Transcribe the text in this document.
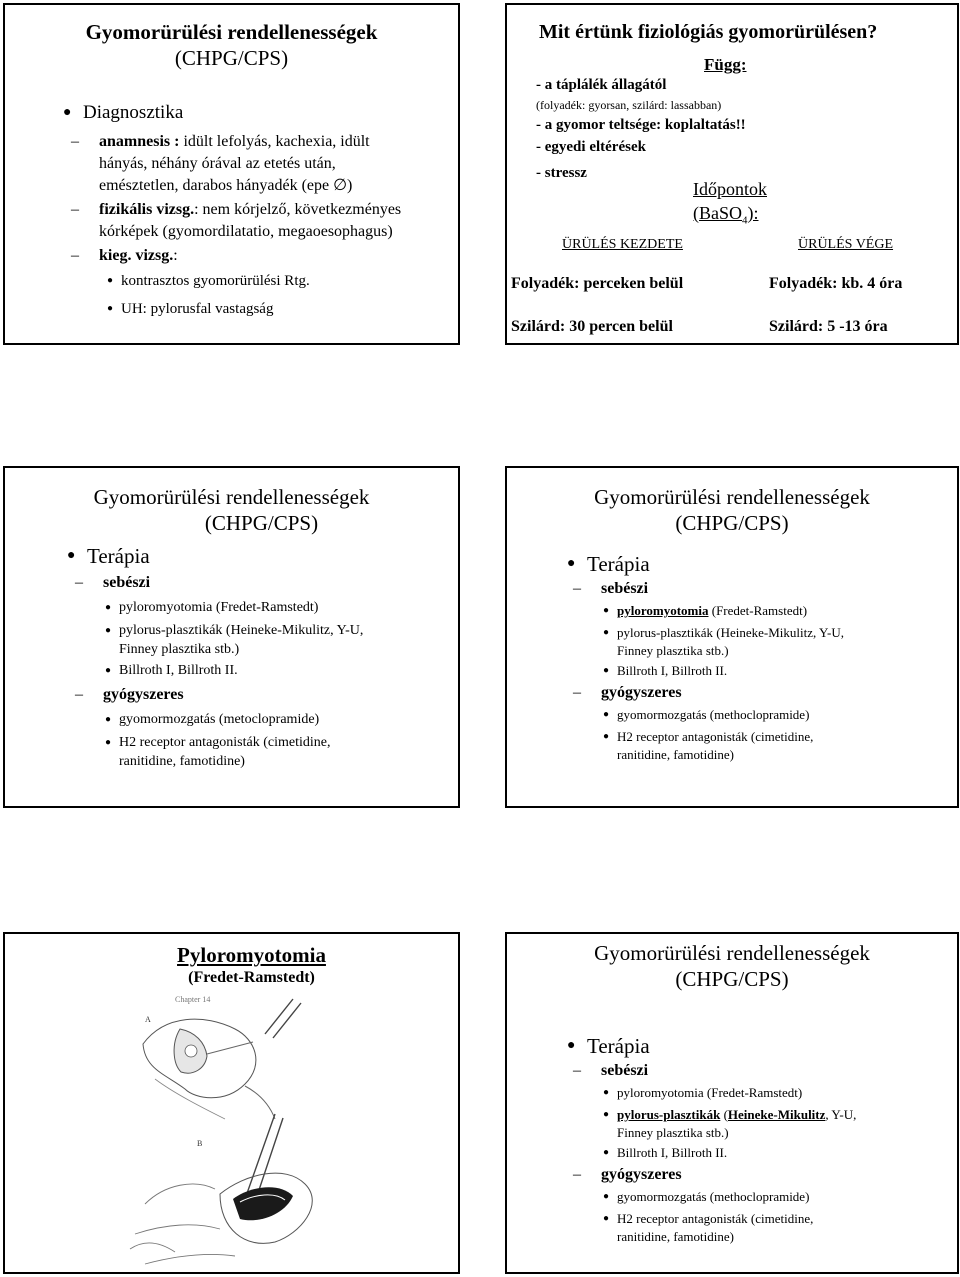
Gyomorürülési rendellenességek

(CHPG/CPS)

● Diagnosztika
– anamnesis : idült lefolyás, kachexia, idült
hányás, néhány órával az etetés után,
emésztetlen, darabos hányadék (epe ∅)
– fizikális vizsg.: nem kórjelző, következményes
kórképek (gyomordilatatio, megaoesophagus)
– kieg. vizsg.:
● kontrasztos gyomorürülési Rtg.
● UH: pylorusfal vastagság
Mit értünk fiziológiás gyomorürülésen?
Függ:
- a táplálék állagától
(folyadék: gyorsan, szilárd: lassabban)
- a gyomor teltsége: koplaltatás!!
- egyedi eltérések
- stressz
Időpontok
(BaSO$_4$):
ÜRÜLÉS KEZDETE	ÜRÜLÉS VÉGE
Folyadék: perceken belül	Folyadék: kb. 4 óra
Szilárd: 30 percen belül	Szilárd: 5 -13 óra

Gyomorürülési rendellenességek

(CHPG/CPS)

● Terápia
– sebészi
● pyloromyotomia (Fredet-Ramstedt)
● pylorus-plasztikák (Heineke-Mikulitz, Y-U,
Finney plasztika stb.)
● Billroth I, Billroth II.
– gyógyszeres
● gyomormozgatás (metoclopramide)
● H2 receptor antagonisták (cimetidine,
ranitidine, famotidine)

Gyomorürülési rendellenességek

(CHPG/CPS)

● Terápia
– sebészi
● pyloromyotomia (Fredet-Ramstedt)
● pylorus-plasztikák (Heineke-Mikulitz, Y-U,
Finney plasztika stb.)
● Billroth I, Billroth II.
– gyógyszeres
● gyomormozgatás (methoclopramide)
● H2 receptor antagonisták (cimetidine,
ranitidine, famotidine)
Pyloromyotomia
(Fredet-Ramstedt)
Chapter 14
A
B

Gyomorürülési rendellenességek

(CHPG/CPS)

● Terápia
– sebészi
● pyloromyotomia (Fredet-Ramstedt)
● pylorus-plasztikák (Heineke-Mikulitz, Y-U,
Finney plasztika stb.)
● Billroth I, Billroth II.
– gyógyszeres
● gyomormozgatás (methoclopramide)
● H2 receptor antagonisták (cimetidine,
ranitidine, famotidine)
